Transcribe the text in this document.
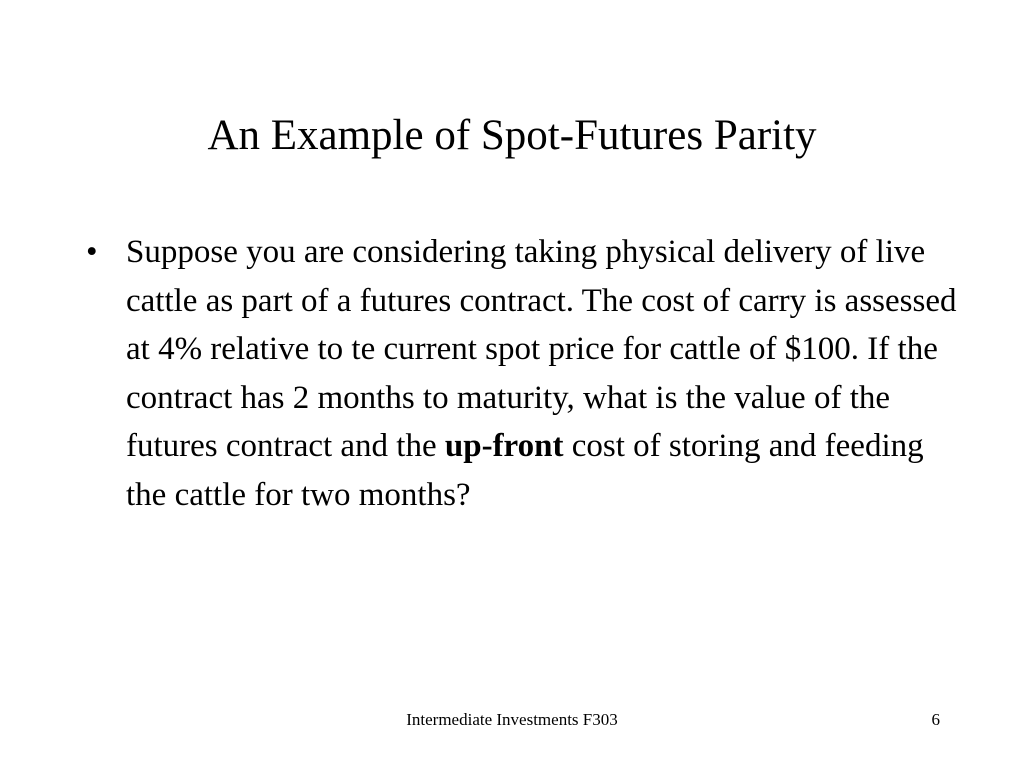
An Example of Spot-Futures Parity
• Suppose you are considering taking physical delivery of live cattle as part of a futures contract. The cost of carry is assessed at 4% relative to te current spot price for cattle of $100. If the contract has 2 months to maturity, what is the value of the futures contract and the up-front cost of storing and feeding the cattle for two months?
Intermediate Investments F303	6
